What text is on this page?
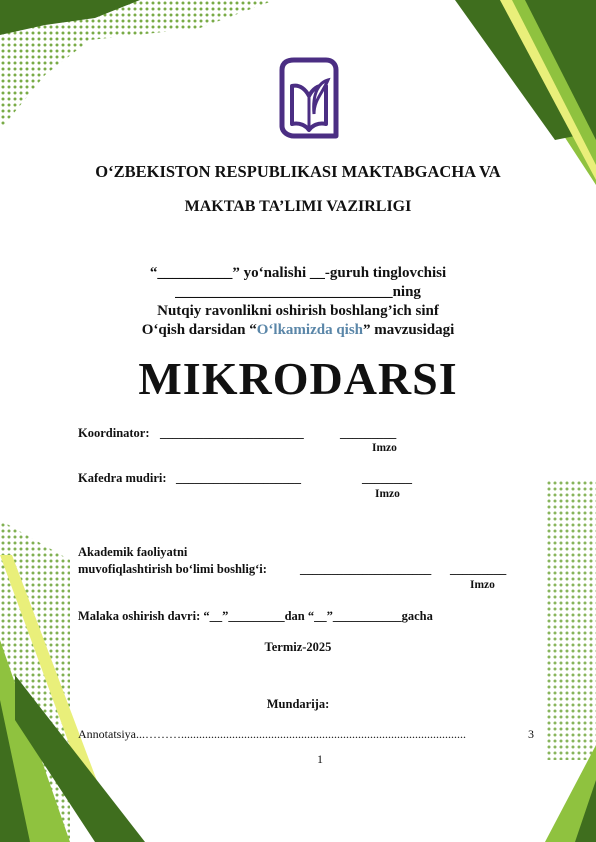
O‘ZBEKISTON RESPUBLIKASI MAKTABGACHA VA
MAKTAB TA’LIMI VAZIRLIGI
“__________” yo‘nalishi __-guruh tinglovchisi
_____________________________ning
Nutqiy ravonlikni oshirish boshlang’ich sinf
O‘qish darsidan “O‘lkamizda qish” mavzusidagi
MIKRODARSI
Koordinator: _______________________	_________
Imzo
Kafedra mudiri: ____________________	________
Imzo
Akademik faoliyatni
muvofiqlashtirish bo‘limi boshlig‘i:	_____________________ _________
Imzo
Malaka oshirish davri: “__”_________dan “__”___________gacha
Termiz-2025
Mundarija:
Annotatsiya...………...............................................................................................	3
1
